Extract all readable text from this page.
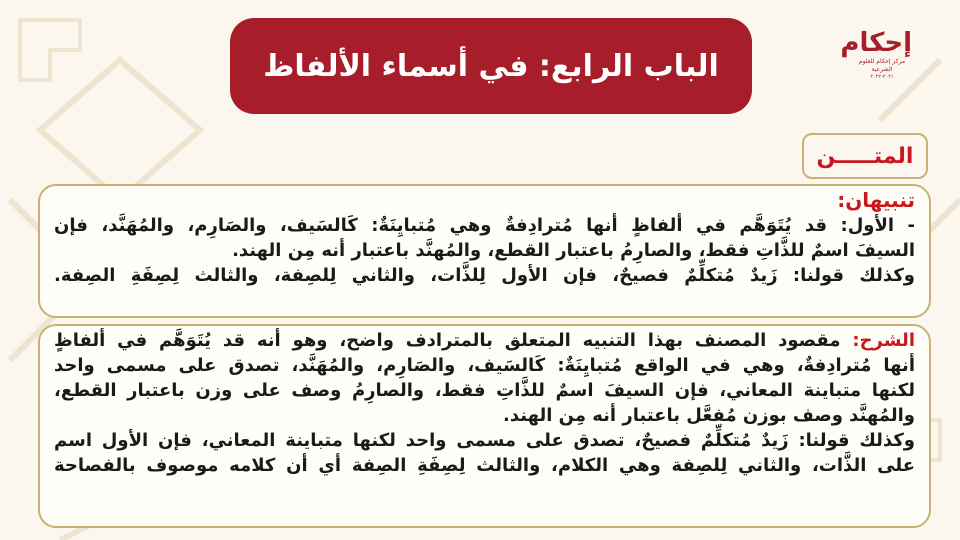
الباب الرابع: في أسماء الألفاظ
إحكام
مركز إحكام للعلوم الشرعية
٢٠٢١-٢٠٢٢
المتـــــن
تنبيهان:
- الأول: قد يُتَوَهَّم في ألفاظٍ أنها مُترادِفةٌ وهي مُتبايِنَةٌ: كَالسَيف، والصَارِم، والمُهَنَّد، فإن
السيفَ اسمٌ للذَّاتِ فقط، والصارِمُ باعتبار القطع، والمُهنَّد باعتبار أنه مِن الهند.
وكذلك قولنا: زَيدٌ مُتكلِّمٌ فصيحٌ، فإن الأول لِلذَّات، والثاني لِلصِفة، والثالث لِصِفَةِ الصِفة.
الشرح: مقصود المصنف بهذا التنبيه المتعلق بالمترادف واضح، وهو أنه قد يُتَوَهَّم في ألفاظٍ
أنها مُترادِفةٌ، وهي في الواقع مُتبايِنَةٌ: كَالسَيف، والصَارِم، والمُهَنَّد، تصدق على مسمى واحد
لكنها متباينة المعاني، فإن السيفَ اسمٌ للذَّاتِ فقط، والصارِمُ وصف على وزن باعتبار القطع،
والمُهنَّد وصف بوزن مُفعَّل باعتبار أنه مِن الهند.
وكذلك قولنا: زَيدٌ مُتكلِّمٌ فصيحٌ، تصدق على مسمى واحد لكنها متباينة المعاني، فإن الأول اسم
على الذَّات، والثاني لِلصِفة وهي الكلام، والثالث لِصِفَةِ الصِفة أي أن كلامه موصوف بالفصاحة
